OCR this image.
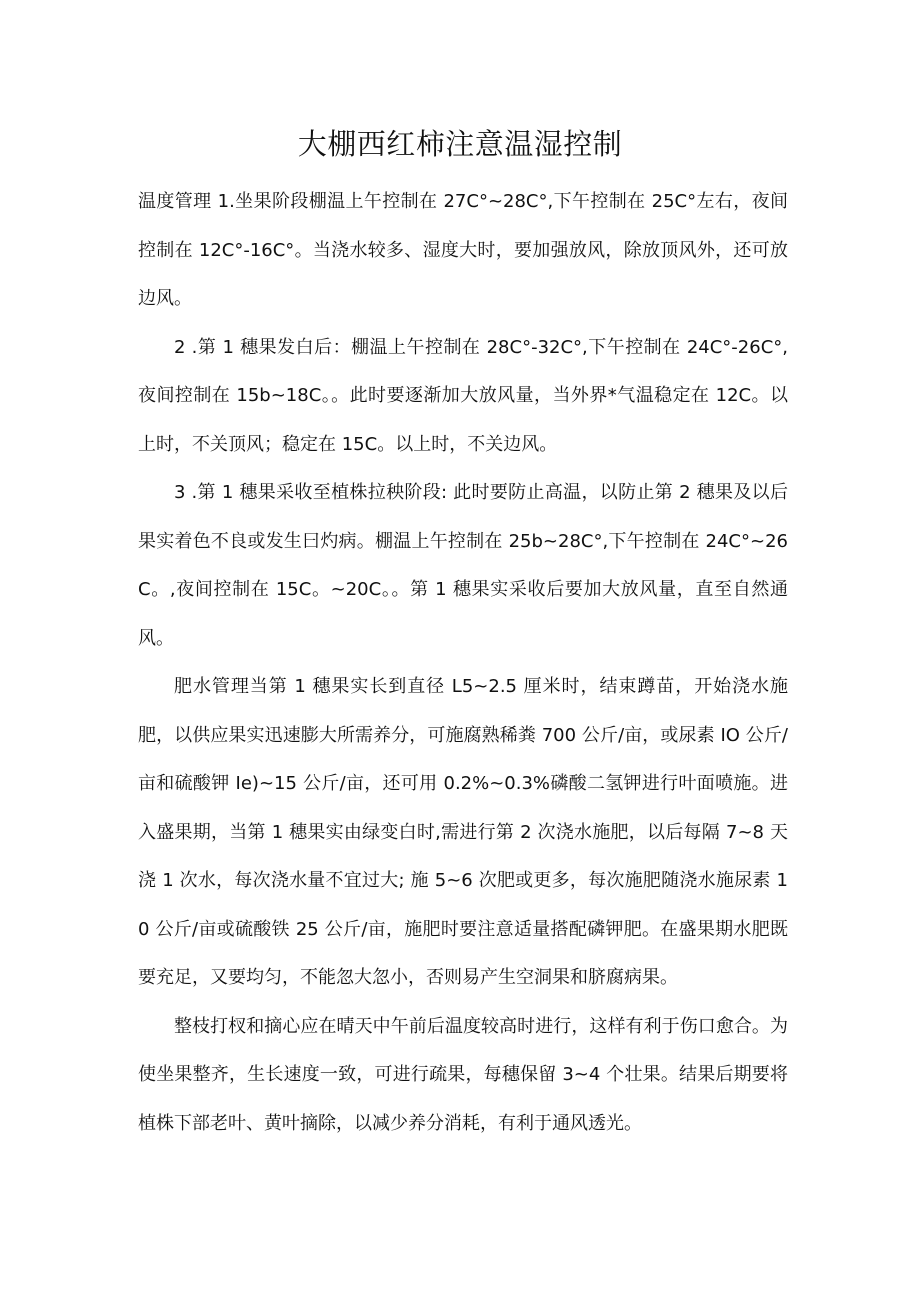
大棚西红柿注意温湿控制

温度管理 1.坐果阶段棚温上午控制在 27C°~28C°,下午控制在 25C°左右，夜间控制在 12C°-16C°。当浇水较多、湿度大时，要加强放风，除放顶风外，还可放边风。

2 .第 1 穗果发白后：棚温上午控制在 28C°-32C°,下午控制在 24C°-26C°,夜间控制在 15b~18C。。此时要逐渐加大放风量，当外界*气温稳定在 12C。以上时，不关顶风；稳定在 15C。以上时，不关边风。

3 .第 1 穗果采收至植株拉秧阶段: 此时要防止高温，以防止第 2 穗果及以后果实着色不良或发生曰灼病。棚温上午控制在 25b~28C°,下午控制在 24C°~26C。,夜间控制在 15C。~20C。。第 1 穗果实采收后要加大放风量，直至自然通风。

肥水管理当第 1 穗果实长到直径 L5~2.5 厘米时，结束蹲苗，开始浇水施肥，以供应果实迅速膨大所需养分，可施腐熟稀粪 700 公斤/亩，或尿素 IO 公斤/亩和硫酸钾 Ie)~15 公斤/亩，还可用 0.2%~0.3%磷酸二氢钾进行叶面喷施。进入盛果期，当第 1 穗果实由绿变白时,需进行第 2 次浇水施肥，以后每隔 7~8 天浇 1 次水，每次浇水量不宜过大; 施 5~6 次肥或更多，每次施肥随浇水施尿素 10 公斤/亩或硫酸铁 25 公斤/亩，施肥时要注意适量搭配磷钾肥。在盛果期水肥既要充足，又要均匀，不能忽大忽小，否则易产生空洞果和脐腐病果。

整枝打杈和摘心应在晴天中午前后温度较高时进行，这样有利于伤口愈合。为使坐果整齐，生长速度一致，可进行疏果，每穗保留 3~4 个壮果。结果后期要将植株下部老叶、黄叶摘除，以减少养分消耗，有利于通风透光。
